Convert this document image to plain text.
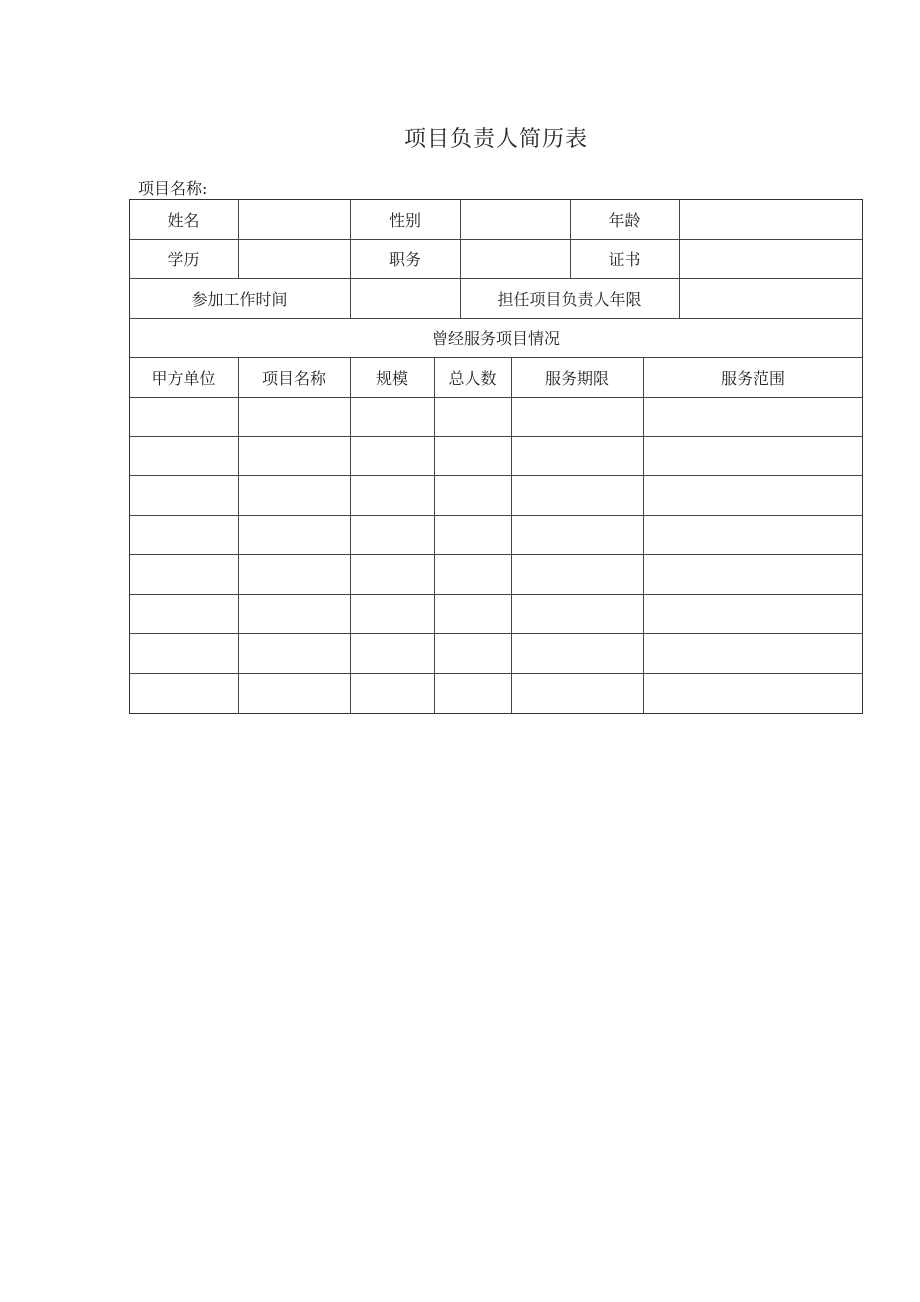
项目负责人简历表
项目名称:
姓名	性别	年龄
学历	职务	证书
参加工作时间	担任项目负责人年限
曾经服务项目情况
甲方单位	项目名称	规模	总人数	服务期限	服务范围
